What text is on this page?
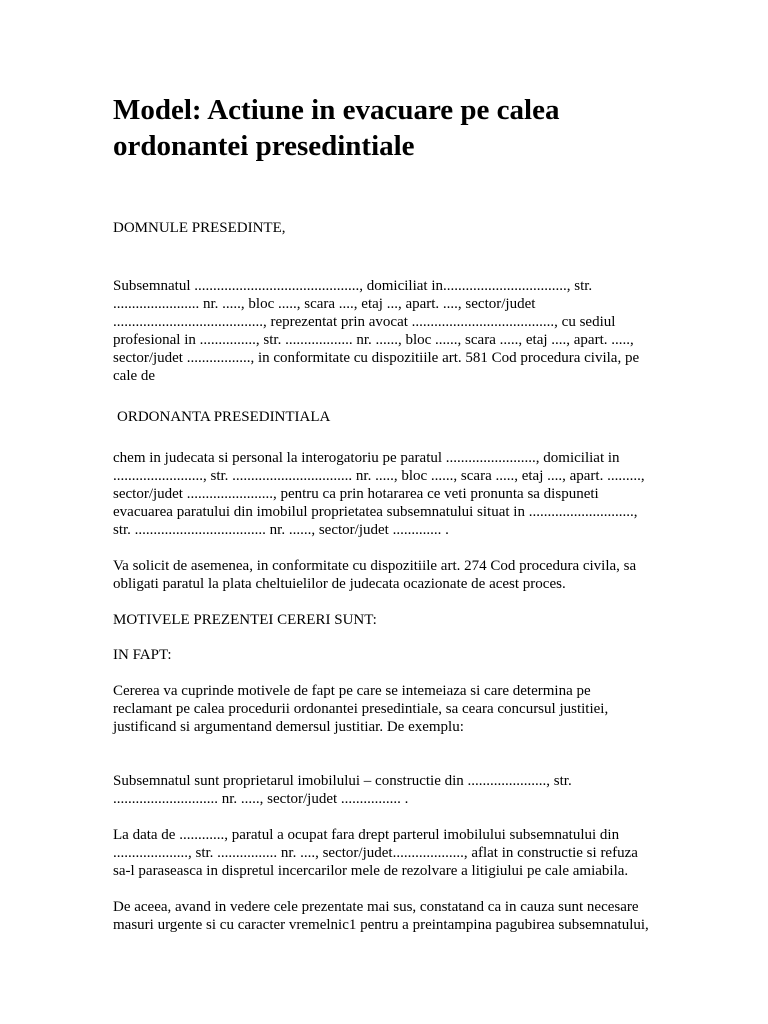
Model: Actiune in evacuare pe calea
ordonantei presedintiale

DOMNULE PRESEDINTE,

Subsemnatul ............................................, domiciliat in................................., str.

....................... nr. ....., bloc ....., scara ...., etaj ..., apart. ...., sector/judet

........................................, reprezentat prin avocat ......................................, cu sediul

profesional in ..............., str. .................. nr. ......, bloc ......, scara ....., etaj ...., apart. .....,

sector/judet ................., in conformitate cu dispozitiile art. 581 Cod procedura civila, pe

cale de

ORDONANTA PRESEDINTIALA

chem in judecata si personal la interogatoriu pe paratul ........................, domiciliat in

........................, str. ................................ nr. ....., bloc ......, scara ....., etaj ...., apart. .........,

sector/judet ......................., pentru ca prin hotararea ce veti pronunta sa dispuneti

evacuarea paratului din imobilul proprietatea subsemnatului situat in ............................,

str. ................................... nr. ......, sector/judet ............. .

Va solicit de asemenea, in conformitate cu dispozitiile art. 274 Cod procedura civila, sa

obligati paratul la plata cheltuielilor de judecata ocazionate de acest proces.

MOTIVELE PREZENTEI CERERI SUNT:

IN FAPT:

Cererea va cuprinde motivele de fapt pe care se intemeiaza si care determina pe

reclamant pe calea procedurii ordonantei presedintiale, sa ceara concursul justitiei,

justificand si argumentand demersul justitiar. De exemplu:

Subsemnatul sunt proprietarul imobilului – constructie din ....................., str.

............................ nr. ....., sector/judet ................ .

La data de ............, paratul a ocupat fara drept parterul imobilului subsemnatului din

...................., str. ................ nr. ...., sector/judet..................., aflat in constructie si refuza

sa-l paraseasca in dispretul incercarilor mele de rezolvare a litigiului pe cale amiabila.

De aceea, avand in vedere cele prezentate mai sus, constatand ca in cauza sunt necesare

masuri urgente si cu caracter vremelnic1 pentru a preintampina pagubirea subsemnatului,
